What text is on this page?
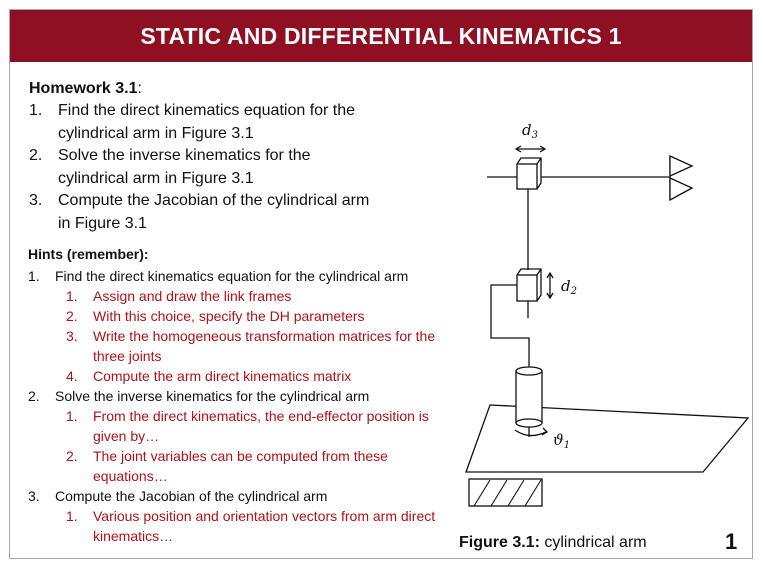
STATIC AND DIFFERENTIAL KINEMATICS 1
Homework 3.1:
1. Find the direct kinematics equation for the cylindrical arm in Figure 3.1
2. Solve the inverse kinematics for the cylindrical arm in Figure 3.1
3. Compute the Jacobian of the cylindrical arm in Figure 3.1
Hints (remember):
1.	Find the direct kinematics equation for the cylindrical arm
1.	Assign and draw the link frames
2.	With this choice, specify the DH parameters
3.	Write the homogeneous transformation matrices for the three joints
4.	Compute the arm direct kinematics matrix
2.	Solve the inverse kinematics for the cylindrical arm
1.	From the direct kinematics, the end-effector position is given by…
2.	The joint variables can be computed from these equations…
3.	Compute the Jacobian of the cylindrical arm
1.	Various position and orientation vectors from arm direct kinematics…
$d_3$
$d_2$
$ϑ_1$
Figure 3.1: cylindrical arm	1
